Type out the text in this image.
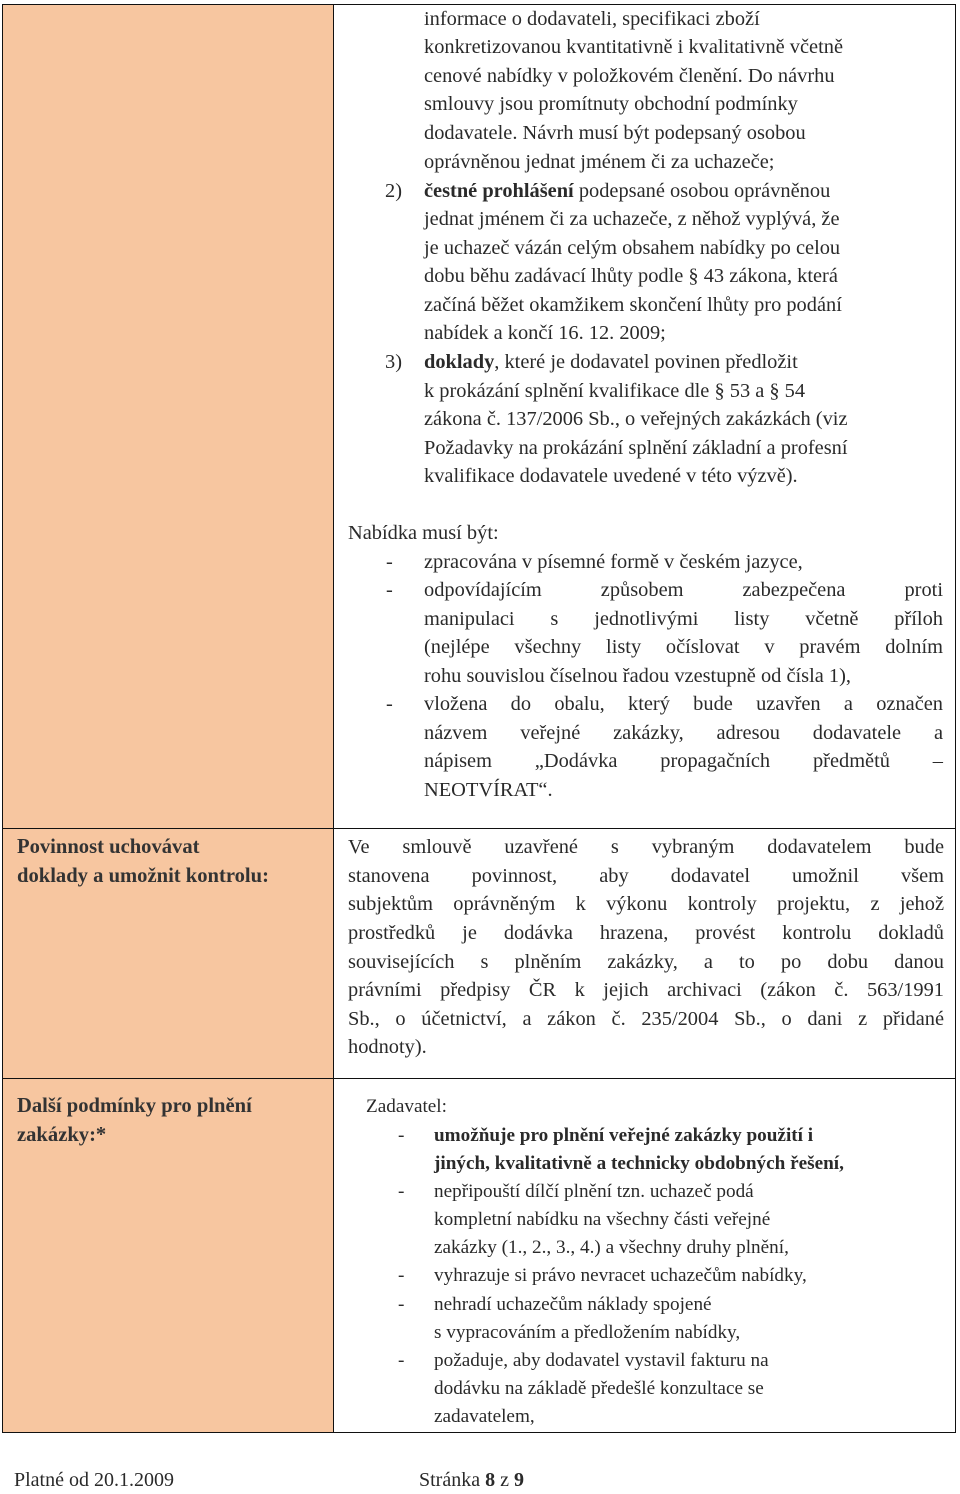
Povinnost uchovávat
doklady a umožnit kontrolu:
Další podmínky pro plnění
zakázky:*
informace o dodavateli, specifikaci zboží
konkretizovanou kvantitativně i kvalitativně včetně
cenové nabídky v položkovém členění. Do návrhu
smlouvy jsou promítnuty obchodní podmínky
dodavatele. Návrh musí být podepsaný osobou
oprávněnou jednat jménem či za uchazeče;
2) čestné prohlášení podepsané osobou oprávněnou
jednat jménem či za uchazeče, z něhož vyplývá, že
je uchazeč vázán celým obsahem nabídky po celou
dobu běhu zadávací lhůty podle § 43 zákona, která
začíná běžet okamžikem skončení lhůty pro podání
nabídek a končí 16. 12. 2009;
3) doklady, které je dodavatel povinen předložit
k prokázání splnění kvalifikace dle § 53 a § 54
zákona č. 137/2006 Sb., o veřejných zakázkách (viz
Požadavky na prokázání splnění základní a profesní
kvalifikace dodavatele uvedené v této výzvě).
Nabídka musí být:
- zpracována v písemné formě v českém jazyce,
- odpovídajícím způsobem zabezpečena proti
manipulaci s jednotlivými listy včetně příloh
(nejlépe všechny listy očíslovat v pravém dolním
rohu souvislou číselnou řadou vzestupně od čísla 1),
- vložena do obalu, který bude uzavřen a označen
názvem veřejné zakázky, adresou dodavatele a
nápisem „Dodávka propagačních předmětů –
NEOTVÍRAT“.
Ve smlouvě uzavřené s vybraným dodavatelem bude
stanovena povinnost, aby dodavatel umožnil všem
subjektům oprávněným k výkonu kontroly projektu, z jehož
prostředků je dodávka hrazena, provést kontrolu dokladů
souvisejících s plněním zakázky, a to po dobu danou
právními předpisy ČR k jejich archivaci (zákon č. 563/1991
Sb., o účetnictví, a zákon č. 235/2004 Sb., o dani z přidané
hodnoty).
Zadavatel:
- umožňuje pro plnění veřejné zakázky použití i
jiných, kvalitativně a technicky obdobných řešení,
- nepřipouští dílčí plnění tzn. uchazeč podá
kompletní nabídku na všechny části veřejné
zakázky (1., 2., 3., 4.) a všechny druhy plnění,
- vyhrazuje si právo nevracet uchazečům nabídky,
- nehradí uchazečům náklady spojené
s vypracováním a předložením nabídky,
- požaduje, aby dodavatel vystavil fakturu na
dodávku na základě předešlé konzultace se
zadavatelem,
Platné od 20.1.2009	Stránka 8 z 9
